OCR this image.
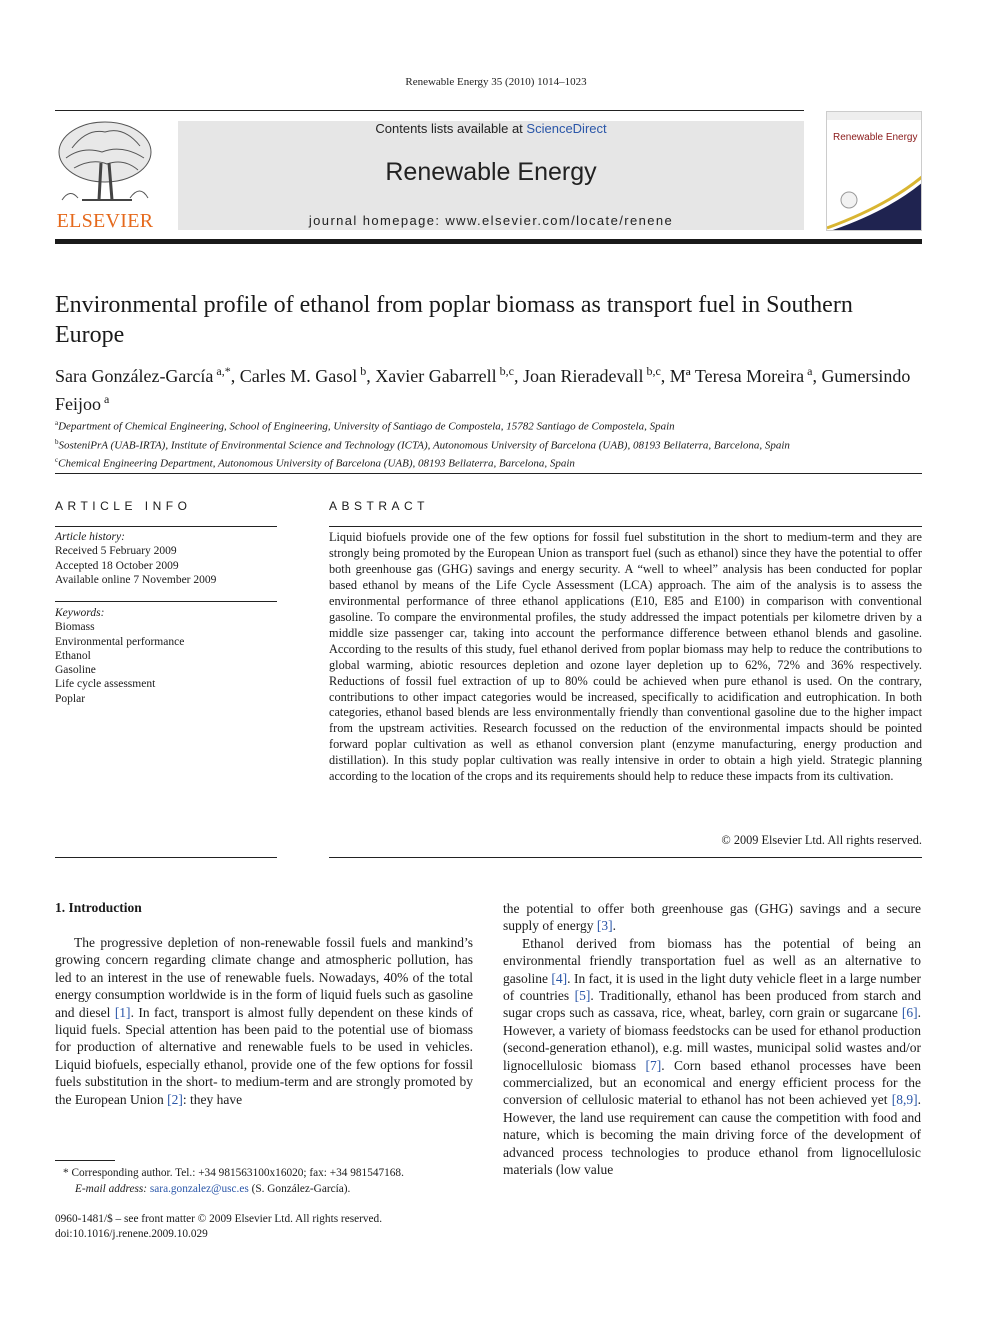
Renewable Energy 35 (2010) 1014–1023
ELSEVIER
Contents lists available at ScienceDirect
Renewable Energy
journal homepage: www.elsevier.com/locate/renene
Renewable Energy
Environmental profile of ethanol from poplar biomass as transport fuel in Southern Europe
Sara González-García $^{a,*}$, Carles M. Gasol $^b$, Xavier Gabarrell $^{b,c}$, Joan Rieradevall $^{b,c}$, Mª Teresa Moreira $^a$, Gumersindo Feijoo $^a$
$^a$Department of Chemical Engineering, School of Engineering, University of Santiago de Compostela, 15782 Santiago de Compostela, Spain
$^b$SosteniPrA (UAB-IRTA), Institute of Environmental Science and Technology (ICTA), Autonomous University of Barcelona (UAB), 08193 Bellaterra, Barcelona, Spain
$^c$Chemical Engineering Department, Autonomous University of Barcelona (UAB), 08193 Bellaterra, Barcelona, Spain
ARTICLE INFO	ABSTRACT
Article history:
Received 5 February 2009
Accepted 18 October 2009
Available online 7 November 2009
Keywords:
Biomass
Environmental performance
Ethanol
Gasoline
Life cycle assessment
Poplar
Liquid biofuels provide one of the few options for fossil fuel substitution in the short to medium-term and they are strongly being promoted by the European Union as transport fuel (such as ethanol) since they have the potential to offer both greenhouse gas (GHG) savings and energy security. A “well to wheel” analysis has been conducted for poplar based ethanol by means of the Life Cycle Assessment (LCA) approach. The aim of the analysis is to assess the environmental performance of three ethanol applications (E10, E85 and E100) in comparison with conventional gasoline. To compare the environmental profiles, the study addressed the impact potentials per kilometre driven by a middle size passenger car, taking into account the performance difference between ethanol blends and gasoline. According to the results of this study, fuel ethanol derived from poplar biomass may help to reduce the contributions to global warming, abiotic resources depletion and ozone layer depletion up to 62%, 72% and 36% respectively. Reductions of fossil fuel extraction of up to 80% could be achieved when pure ethanol is used. On the contrary, contributions to other impact categories would be increased, specifically to acidification and eutrophication. In both categories, ethanol based blends are less environmentally friendly than conventional gasoline due to the higher impact from the upstream activities. Research focussed on the reduction of the environmental impacts should be pointed forward poplar cultivation as well as ethanol conversion plant (enzyme manufacturing, energy production and distillation). In this study poplar cultivation was really intensive in order to obtain a high yield. Strategic planning according to the location of the crops and its requirements should help to reduce these impacts from its cultivation.
© 2009 Elsevier Ltd. All rights reserved.
1. Introduction

The progressive depletion of non-renewable fossil fuels and mankind’s growing concern regarding climate change and atmospheric pollution, has led to an interest in the use of renewable fuels. Nowadays, 40% of the total energy consumption worldwide is in the form of liquid fuels such as gasoline and diesel [1]. In fact, transport is almost fully dependent on these kinds of liquid fuels. Special attention has been paid to the potential use of biomass for production of alternative and renewable fuels to be used in vehicles. Liquid biofuels, especially ethanol, provide one of the few options for fossil fuels substitution in the short- to medium-term and are strongly promoted by the European Union [2]: they have

the potential to offer both greenhouse gas (GHG) savings and a secure supply of energy [3].

Ethanol derived from biomass has the potential of being an environmental friendly transportation fuel as well as an alternative to gasoline [4]. In fact, it is used in the light duty vehicle fleet in a large number of countries [5]. Traditionally, ethanol has been produced from starch and sugar crops such as cassava, rice, wheat, barley, corn grain or sugarcane [6]. However, a variety of biomass feedstocks can be used for ethanol production (second-generation ethanol), e.g. mill wastes, municipal solid wastes and/or lignocellulosic biomass [7]. Corn based ethanol processes have been commercialized, but an economical and energy efficient process for the conversion of cellulosic material to ethanol has not been achieved yet [8,9]. However, the land use requirement can cause the competition with food and nature, which is becoming the main driving force of the development of advanced process technologies to produce ethanol from lignocellulosic materials (low value

* Corresponding author. Tel.: +34 981563100x16020; fax: +34 981547168.
E-mail address: sara.gonzalez@usc.es (S. González-García).
0960-1481/$ – see front matter © 2009 Elsevier Ltd. All rights reserved.
doi:10.1016/j.renene.2009.10.029
